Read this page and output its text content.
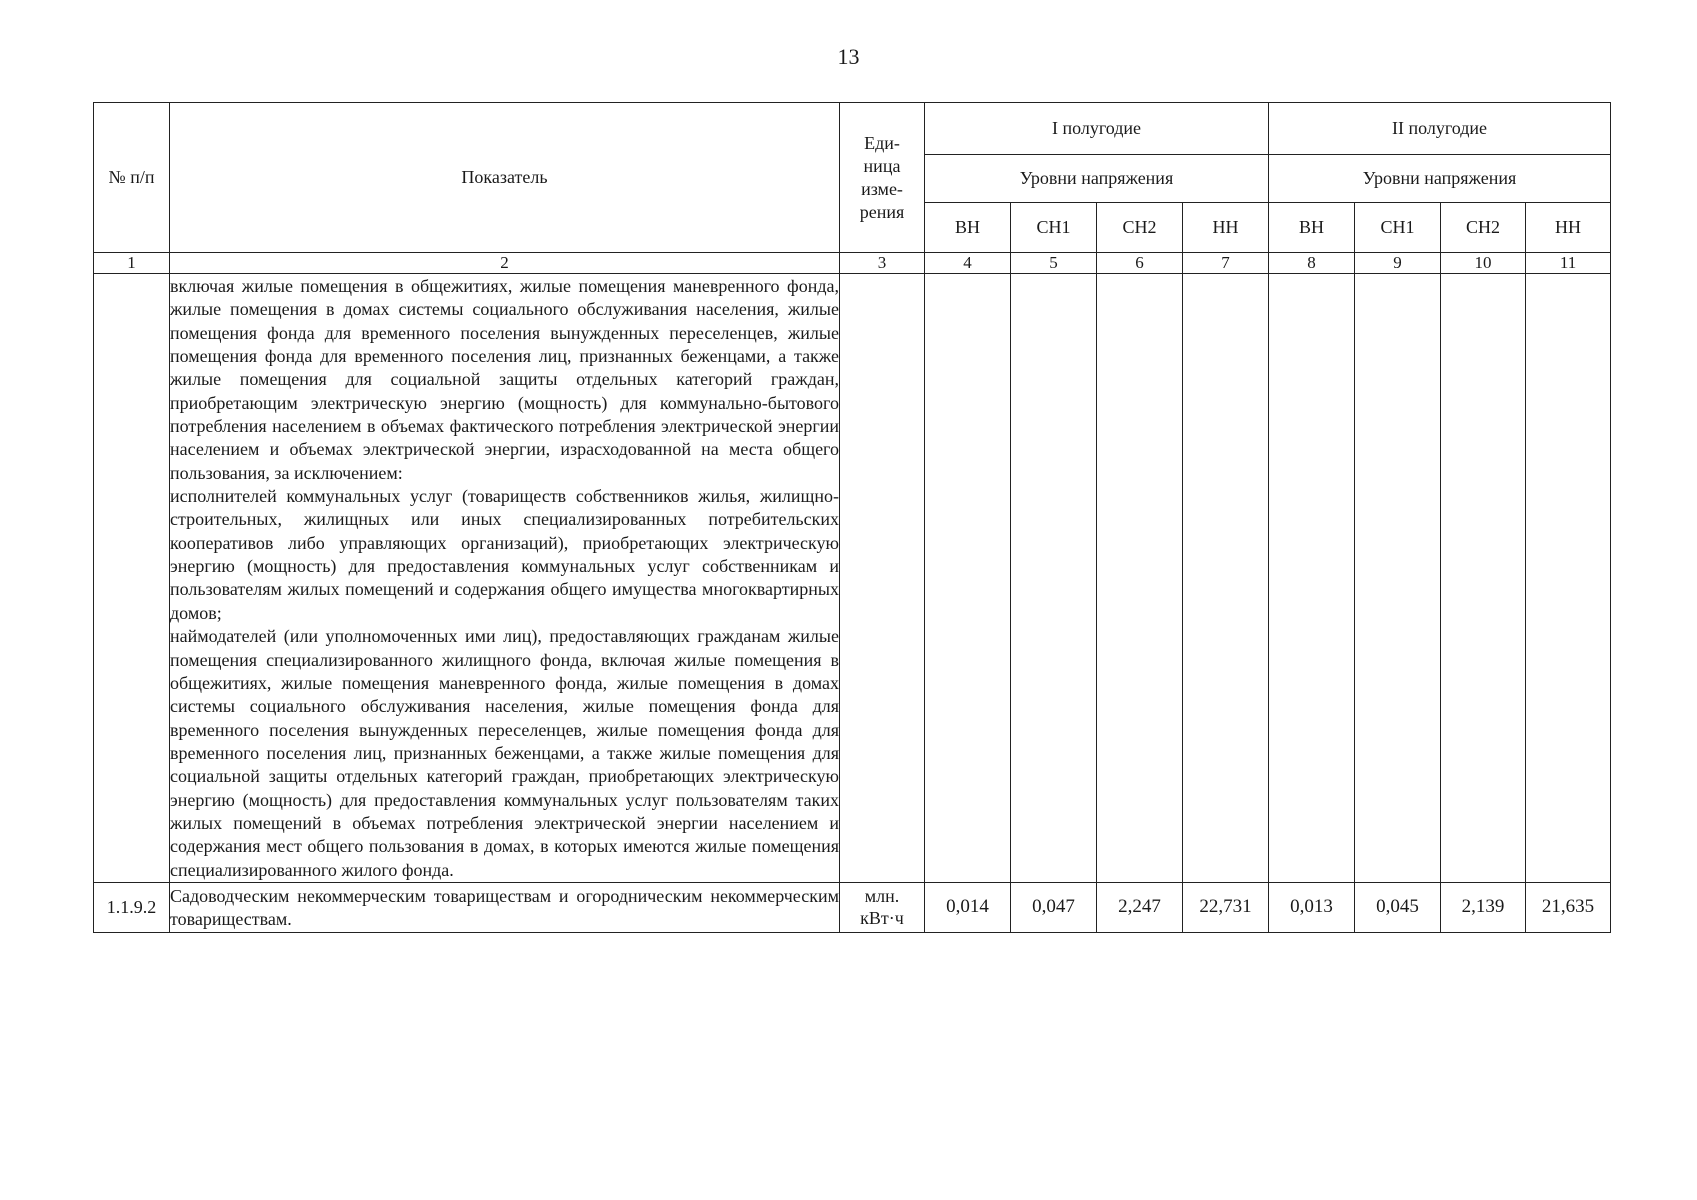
13
№ п/п	Показатель	Еди-
ница
изме-
рения	I полугодие				II полугодие			
			Уровни напряжения				Уровни напряжения			
			ВН	СН1	СН2	НН	ВН	СН1	СН2	НН
1	2	3	4	5	6	7	8	9	10	11

	включая жилые помещения в общежитиях, жилые помещения маневренного фонда, жилые помещения в домах системы социального обслуживания населения, жилые помещения фонда для временного поселения вынужденных переселенцев, жилые помещения фонда для временного поселения лиц, признанных беженцами, а также жилые помещения для социальной защиты отдельных категорий граждан, приобретающим электрическую энергию (мощность) для коммунально-бытового потребления населением в объемах фактического потребления электрической энергии населением и объемах электрической энергии, израсходованной на места общего пользования, за исключением:
исполнителей коммунальных услуг (товариществ собственников жилья, жилищно-строительных, жилищных или иных специализированных потребительских кооперативов либо управляющих организаций), приобретающих электрическую энергию (мощность) для предоставления коммунальных услуг собственникам и пользователям жилых помещений и содержания общего имущества многоквартирных домов;
наймодателей (или уполномоченных ими лиц), предоставляющих гражданам жилые помещения специализированного жилищного фонда, включая жилые помещения в общежитиях, жилые помещения маневренного фонда, жилые помещения в домах системы социального обслуживания населения, жилые помещения фонда для временного поселения вынужденных переселенцев, жилые помещения фонда для временного поселения лиц, признанных беженцами, а также жилые помещения для социальной защиты отдельных категорий граждан, приобретающих электрическую энергию (мощность) для предоставления коммунальных услуг пользователям таких жилых помещений в объемах потребления электрической энергии населением и содержания мест общего пользования в домах, в которых имеются жилые помещения специализированного жилого фонда.									

1.1.9.2	Садоводческим некоммерческим товариществам и огородническим некоммерческим товариществам.	млн.
кВт·ч	0,014	0,047	2,247	22,731	0,013	0,045	2,139	21,635
